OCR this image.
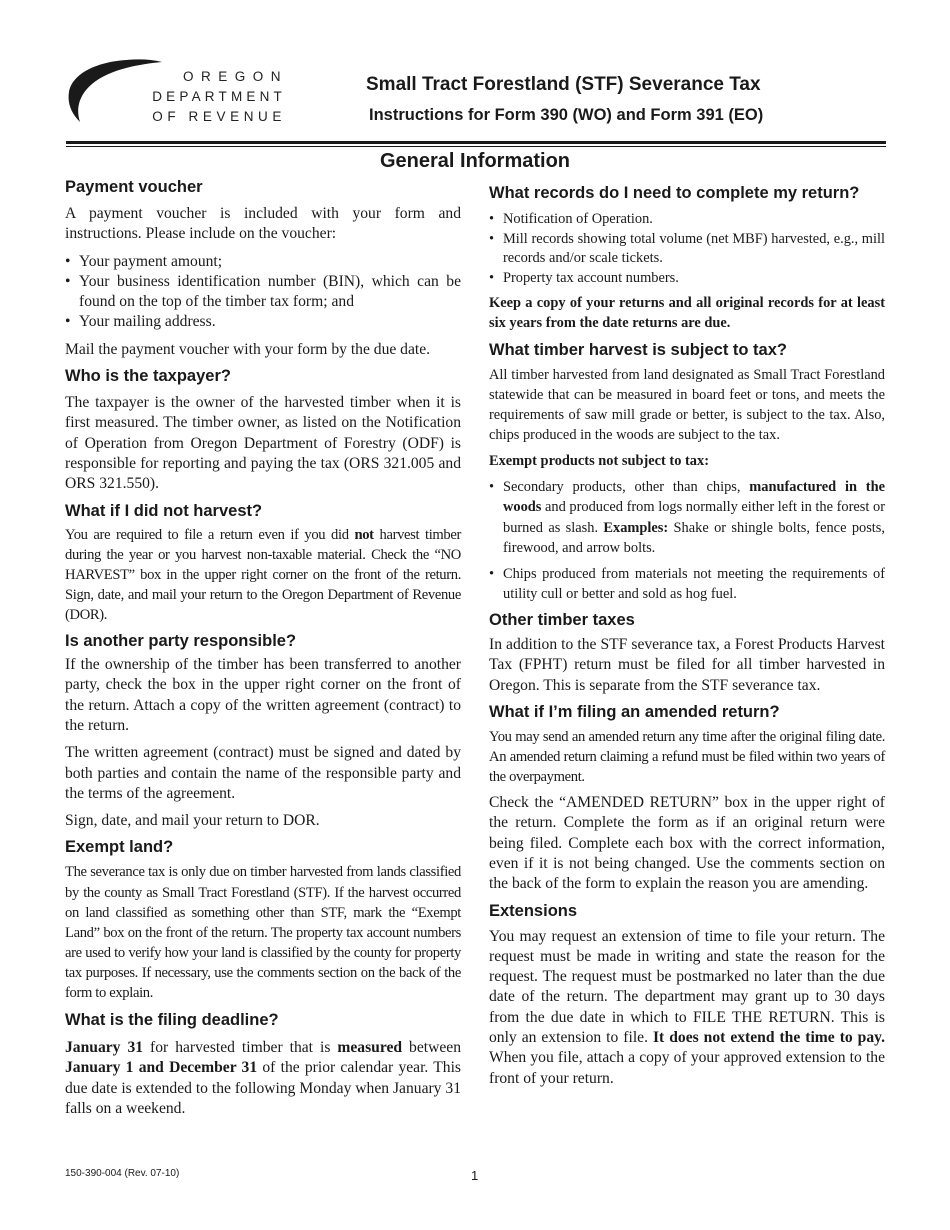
OREGON
DEPARTMENT
OF REVENUE
Small Tract Forestland (STF) Severance Tax
Instructions for Form 390 (WO) and Form 391 (EO)
General Information
Payment voucher

A payment voucher is included with your form and instructions. Please include on the voucher:

• Your payment amount;
• Your business identification number (BIN), which can be found on the top of the timber tax form; and
• Your mailing address.

Mail the payment voucher with your form by the due date.

Who is the taxpayer?

The taxpayer is the owner of the harvested timber when it is first measured. The timber owner, as listed on the Notification of Operation from Oregon Department of Forestry (ODF) is responsible for reporting and paying the tax (ORS 321.005 and ORS 321.550).

What if I did not harvest?

You are required to file a return even if you did not harvest timber during the year or you harvest non-taxable material. Check the “NO HARVEST” box in the upper right corner on the front of the return. Sign, date, and mail your return to the Oregon Department of Revenue (DOR).

Is another party responsible?

If the ownership of the timber has been transferred to another party, check the box in the upper right corner on the front of the return. Attach a copy of the written agreement (contract) to the return.

The written agreement (contract) must be signed and dated by both parties and contain the name of the responsible party and the terms of the agreement.

Sign, date, and mail your return to DOR.

Exempt land?

The severance tax is only due on timber harvested from lands classified by the county as Small Tract Forestland (STF). If the harvest occurred on land classified as something other than STF, mark the “Exempt Land” box on the front of the return. The property tax account numbers are used to verify how your land is classified by the county for property tax purposes. If necessary, use the comments section on the back of the form to explain.

What is the filing deadline?

January 31 for harvested timber that is measured between January 1 and December 31 of the prior calendar year. This due date is extended to the following Monday when January 31 falls on a weekend.

What records do I need to complete my return?
• Notification of Operation.
• Mill records showing total volume (net MBF) harvested, e.g., mill records and/or scale tickets.
• Property tax account numbers.

Keep a copy of your returns and all original records for at least six years from the date returns are due.

What timber harvest is subject to tax?

All timber harvested from land designated as Small Tract Forestland statewide that can be measured in board feet or tons, and meets the requirements of saw mill grade or better, is subject to the tax. Also, chips produced in the woods are subject to the tax.

Exempt products not subject to tax:

• Secondary products, other than chips, manufactured in the woods and produced from logs normally either left in the forest or burned as slash. Examples: Shake or shingle bolts, fence posts, firewood, and arrow bolts.
• Chips produced from materials not meeting the requirements of utility cull or better and sold as hog fuel.
Other timber taxes

In addition to the STF severance tax, a Forest Products Harvest Tax (FPHT) return must be filed for all timber harvested in Oregon. This is separate from the STF severance tax.

What if I’m filing an amended return?

You may send an amended return any time after the original filing date. An amended return claiming a refund must be filed within two years of the overpayment.

Check the “AMENDED RETURN” box in the upper right of the return. Complete the form as if an original return were being filed. Complete each box with the correct information, even if it is not being changed. Use the comments section on the back of the form to explain the reason you are amending.

Extensions

You may request an extension of time to file your return. The request must be made in writing and state the reason for the request. The request must be postmarked no later than the due date of the return. The department may grant up to 30 days from the due date in which to FILE THE RETURN. This is only an extension to file. It does not extend the time to pay. When you file, attach a copy of your approved extension to the front of your return.

150-390-004 (Rev. 07-10)	1
